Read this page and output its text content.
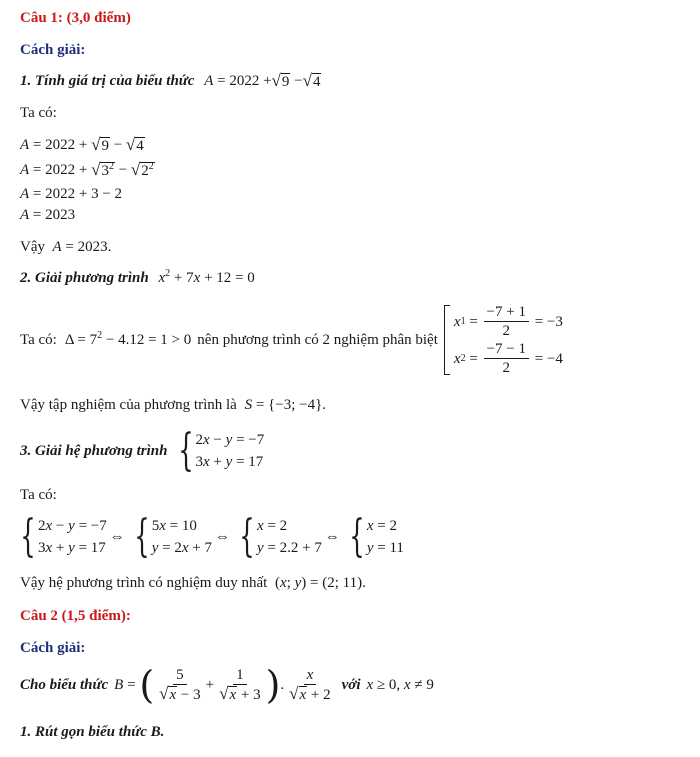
Câu 1: (3,0 điểm)
Cách giải:
1. Tính giá trị của biểu thức A = 2022 + √ 9 − √ 4
Ta có:
A = 2022 + √ 9 − √ 4
A = 2022 + √ $3^2$ − √ $2^2$
A = 2022 + 3 − 2
A = 2023
Vậy A = 2023.
2. Giải phương trình $x^2 + 7x + 12 = 0$
Ta có: $\Delta = 7^2 - 4.12 = 1 > 0$ nên phương trình có 2 nghiệm phân biệt
x $1 = \frac{-7 + 1}{2} = -3$
x $2 = \frac{-7 - 1}{2} = -4$
Vậy tập nghiệm của phương trình là S = {−3; −4}.
3. Giải hệ phương trình { 2x − y = −7
3x + y = 17
Ta có:
{ 2x − y = −7
3x + y = 17
⇔ { 5x = 10
y = 2x + 7
⇔ { x = 2
y = 2.2 + 7
⇔ { x = 2
y = 11
Vậy hệ phương trình có nghiệm duy nhất (x; y) = (2; 11).
Câu 2 (1,5 điểm):
Cách giải:
Cho biểu thức B = ( $\frac{5}{√ x - 3} + \frac{1}{√ x + 3}$ ) . $\frac{x}{√ x + 2}$ với x ≥ 0, x ≠ 9
1. Rút gọn biểu thức B.
